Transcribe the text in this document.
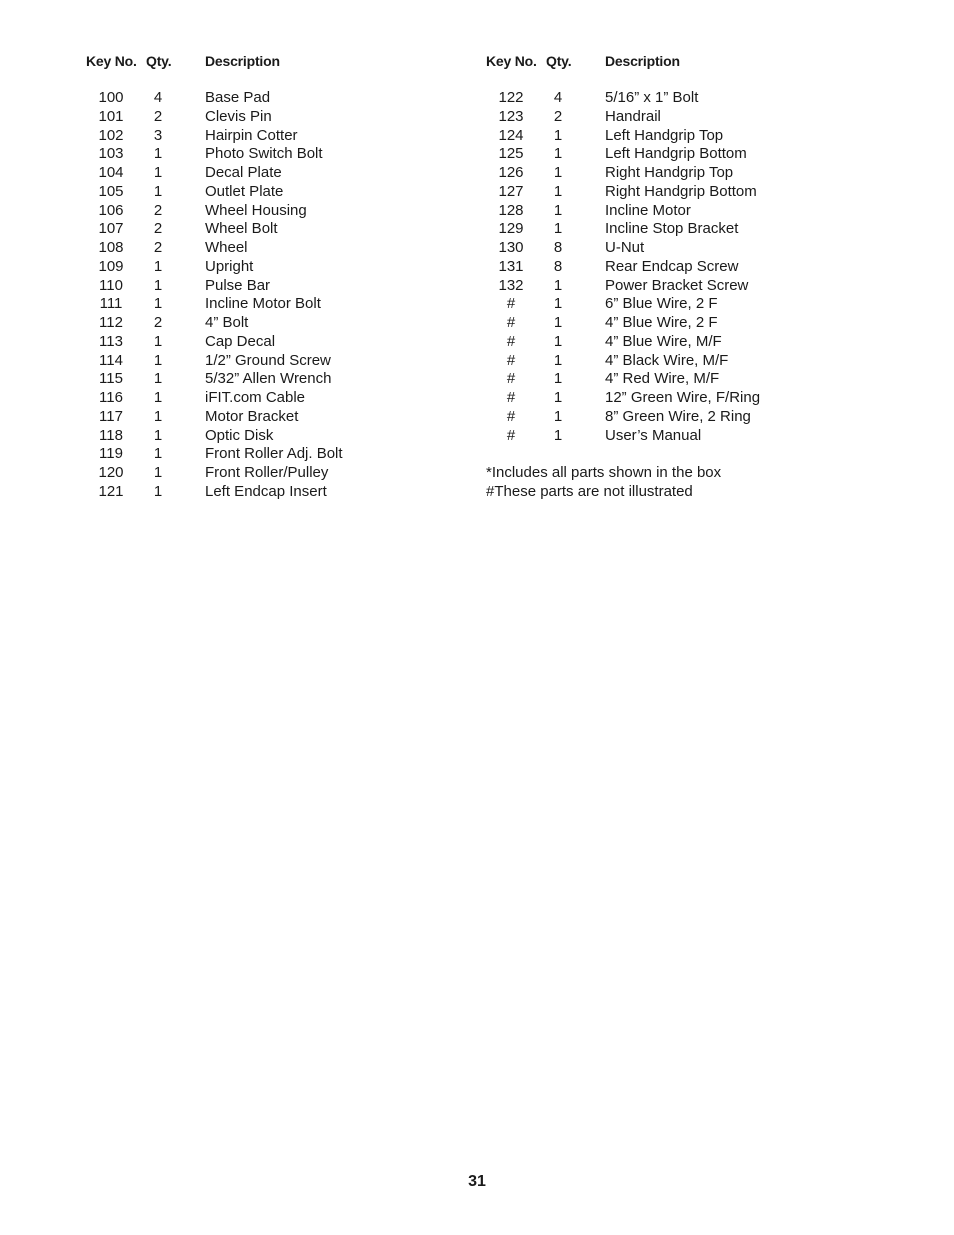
Key No. Qty. Description
100	4	Base Pad
101	2	Clevis Pin
102	3	Hairpin Cotter
103	1	Photo Switch Bolt
104	1	Decal Plate
105	1	Outlet Plate
106	2	Wheel Housing
107	2	Wheel Bolt
108	2	Wheel
109	1	Upright
110	1	Pulse Bar
111	1	Incline Motor Bolt
112	2	4” Bolt
113	1	Cap Decal
114	1	1/2” Ground Screw
115	1	5/32” Allen Wrench
116	1	iFIT.com Cable
117	1	Motor Bracket
118	1	Optic Disk
119	1	Front Roller Adj. Bolt
120	1	Front Roller/Pulley
121	1	Left Endcap Insert
Key No. Qty. Description
122	4	5/16” x 1” Bolt
123	2	Handrail
124	1	Left Handgrip Top
125	1	Left Handgrip Bottom
126	1	Right Handgrip Top
127	1	Right Handgrip Bottom
128	1	Incline Motor
129	1	Incline Stop Bracket
130	8	U-Nut
131	8	Rear Endcap Screw
132	1	Power Bracket Screw
#	1	6” Blue Wire, 2 F
#	1	4” Blue Wire, 2 F
#	1	4” Blue Wire, M/F
#	1	4” Black Wire, M/F
#	1	4” Red Wire, M/F
#	1	12” Green Wire, F/Ring
#	1	8” Green Wire, 2 Ring
#	1	User’s Manual
*Includes all parts shown in the box
#These parts are not illustrated
31
